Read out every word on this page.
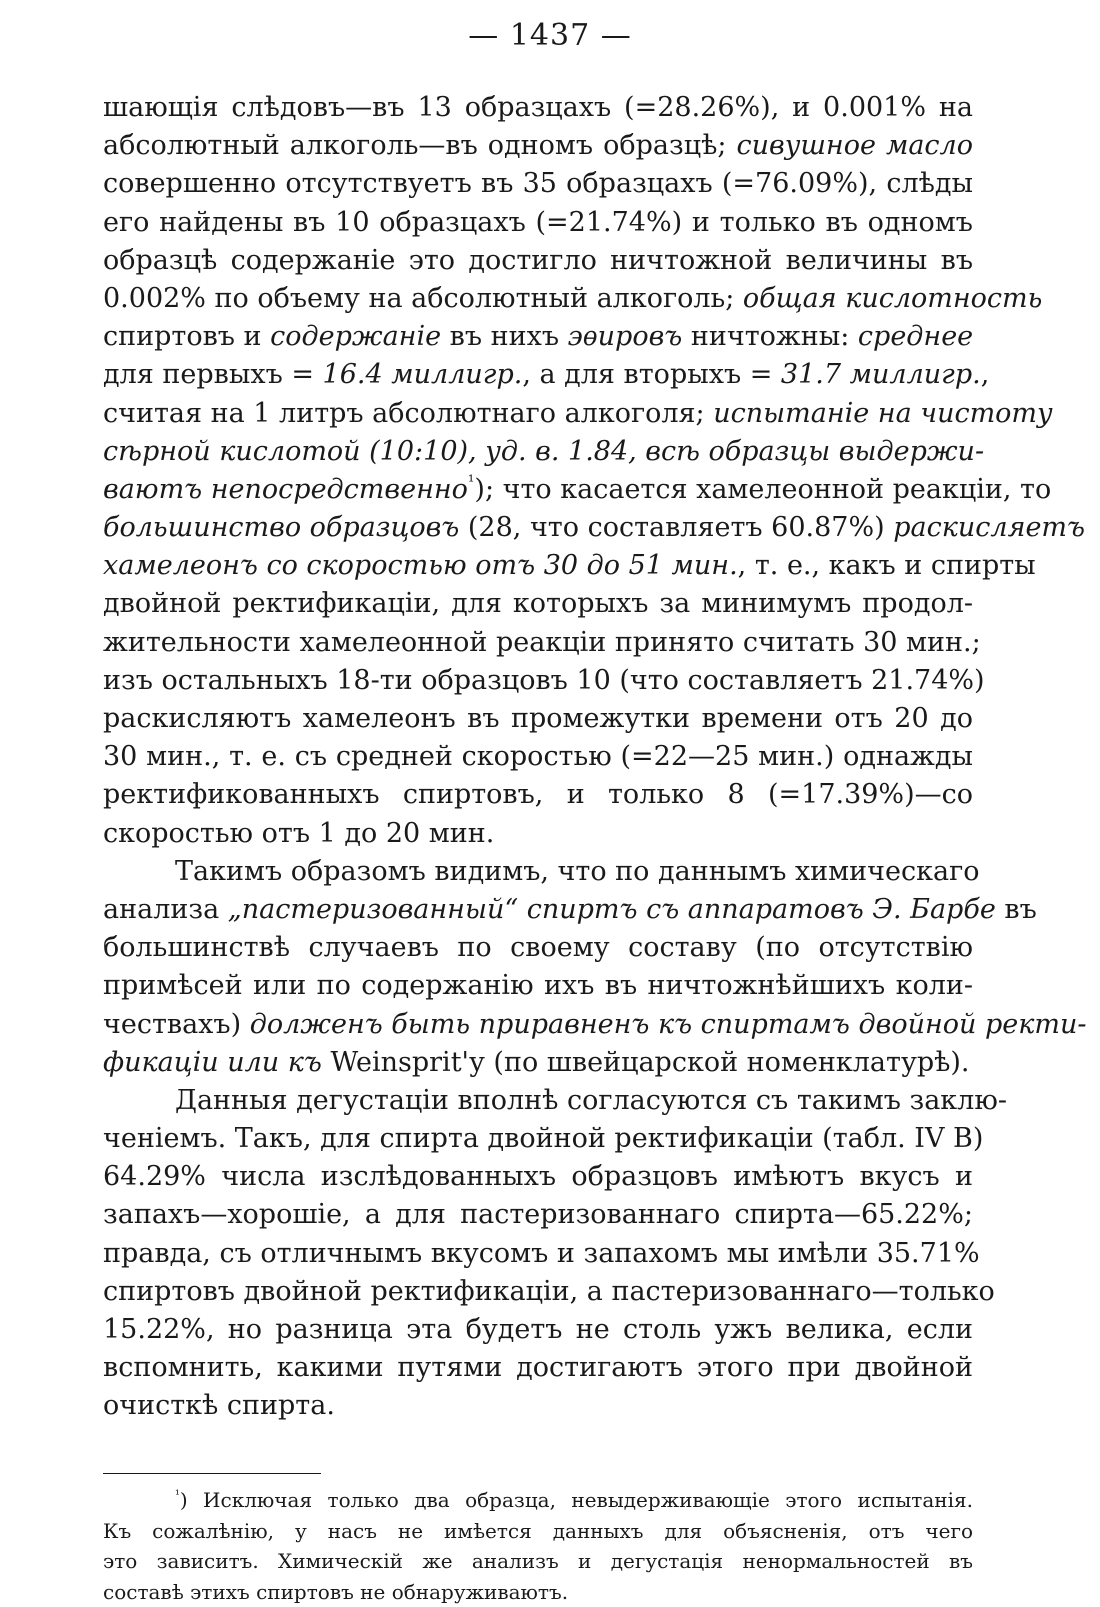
— 1437 —
шающія слѣдовъ—въ 13 образцахъ (=28.26%), и 0.001% на
абсолютный алкоголь—въ одномъ образцѣ; сивушное масло
совершенно отсутствуетъ въ 35 образцахъ (=76.09%), слѣды
его найдены въ 10 образцахъ (=21.74%) и только въ одномъ
образцѣ содержаніе это достигло ничтожной величины въ
0.002% по объему на абсолютный алкоголь; общая кислотность
спиртовъ и содержаніе въ нихъ эѳировъ ничтожны: среднее
для первыхъ = 16.4 миллигр., а для вторыхъ = 31.7 миллигр.,
считая на 1 литръ абсолютнаго алкоголя; испытаніе на чистоту
сѣрной кислотой (10:10), уд. в. 1.84, всѣ образцы выдержи-
ваютъ непосредственно$^{^1}$); что касается хамелеонной реакціи, то
большинство образцовъ (28, что составляетъ 60.87%) раскисляетъ
хамелеонъ со скоростью отъ 30 до 51 мин., т. е., какъ и спирты
двойной ректификаціи, для которыхъ за минимумъ продол-
жительности хамелеонной реакціи принято считать 30 мин.;
изъ остальныхъ 18-ти образцовъ 10 (что составляетъ 21.74%)
раскисляютъ хамелеонъ въ промежутки времени отъ 20 до
30 мин., т. е. съ средней скоростью (=22—25 мин.) однажды
ректификованныхъ спиртовъ, и только 8 (=17.39%)—со
скоростью отъ 1 до 20 мин.
Такимъ образомъ видимъ, что по даннымъ химическаго
анализа „пастеризованный“ спиртъ съ аппаратовъ Э. Барбе въ
большинствѣ случаевъ по своему составу (по отсутствію
примѣсей или по содержанію ихъ въ ничтожнѣйшихъ коли-
чествахъ) долженъ быть приравненъ къ спиртамъ двойной ректи-
фикаціи или къ Weinsprit'у (по швейцарской номенклатурѣ).
Данныя дегустаціи вполнѣ согласуются съ такимъ заклю-
ченіемъ. Такъ, для спирта двойной ректификаціи (табл. IV B)
64.29% числа изслѣдованныхъ образцовъ имѣютъ вкусъ и
запахъ—хорошіе, а для пастеризованнаго спирта—65.22%;
правда, съ отличнымъ вкусомъ и запахомъ мы имѣли 35.71%
спиртовъ двойной ректификаціи, а пастеризованнаго—только
15.22%, но разница эта будетъ не столь ужъ велика, если
вспомнить, какими путями достигаютъ этого при двойной
очисткѣ спирта.
$^{^1}$) Исключая только два образца, невыдерживающіе этого испытанія.
Къ сожалѣнію, у насъ не имѣется данныхъ для объясненія, отъ чего
это зависитъ. Химическій же анализъ и дегустація ненормальностей въ
составѣ этихъ спиртовъ не обнаруживаютъ.
